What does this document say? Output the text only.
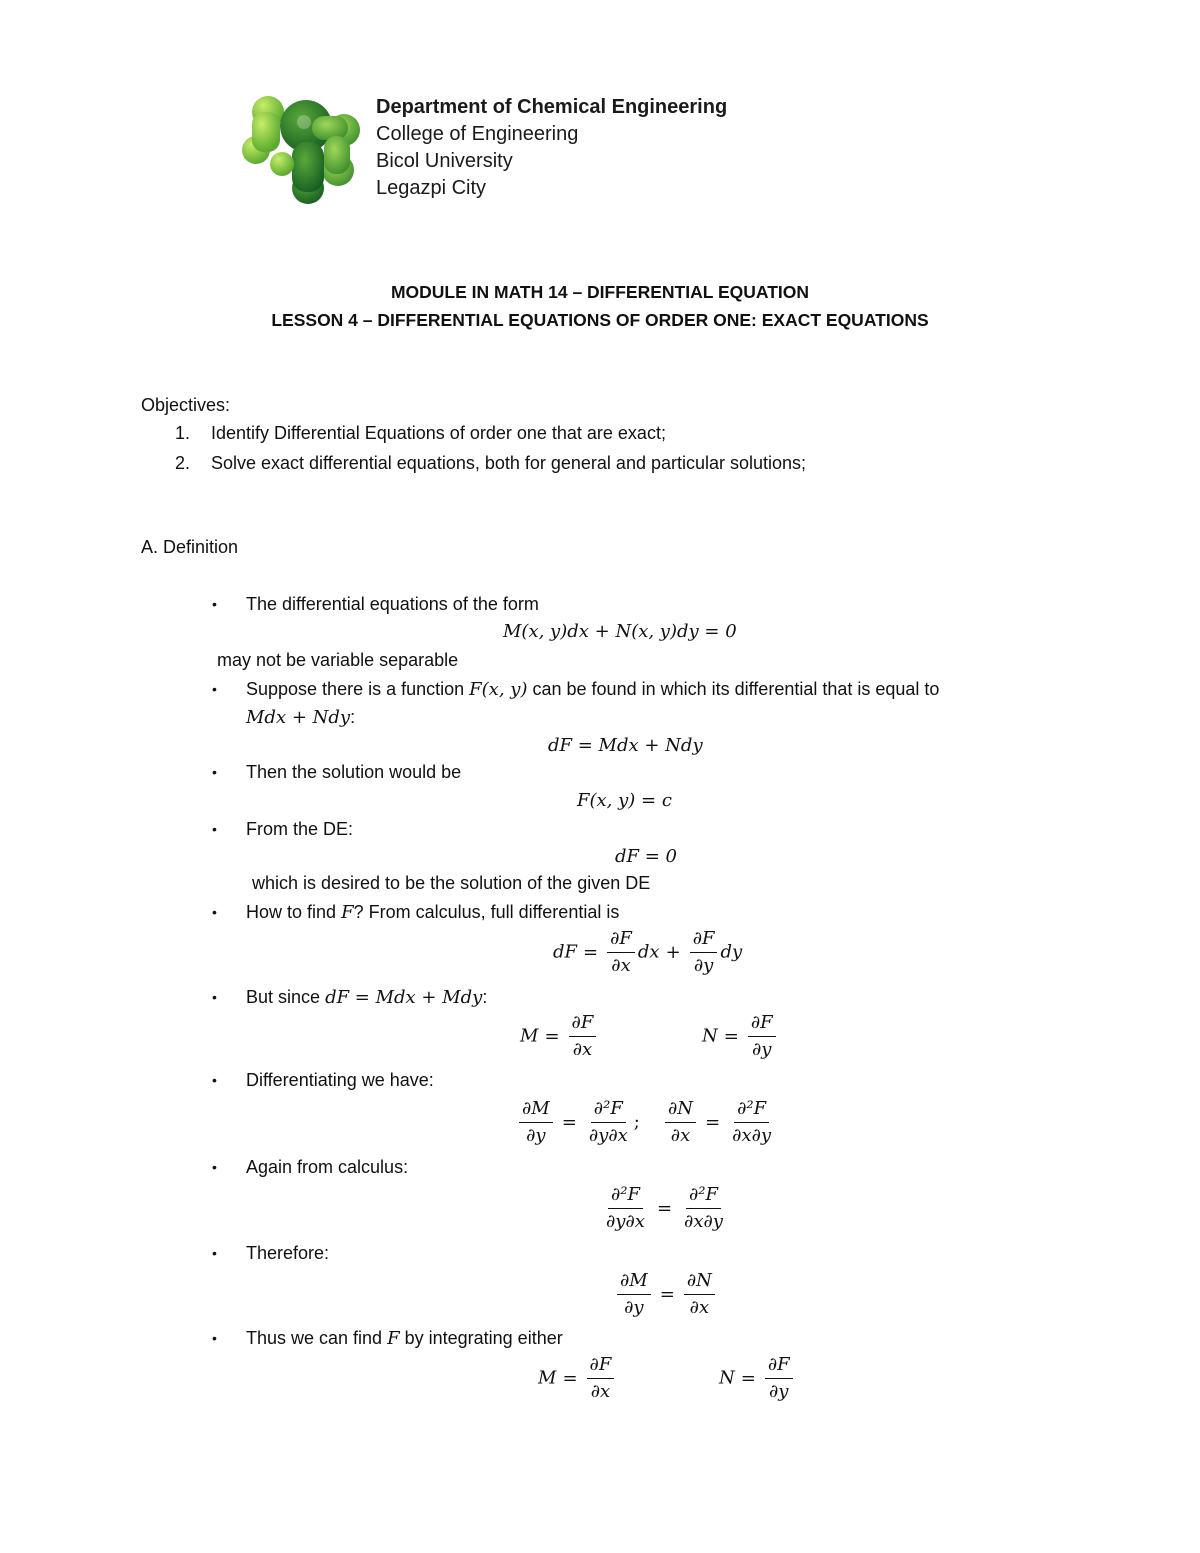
Department of Chemical Engineering
College of Engineering
Bicol University
Legazpi City
MODULE IN MATH 14 – DIFFERENTIAL EQUATION
LESSON 4 – DIFFERENTIAL EQUATIONS OF ORDER ONE: EXACT EQUATIONS
Objectives:
1. Identify Differential Equations of order one that are exact;
2. Solve exact differential equations, both for general and particular solutions;
A. Definition
• The differential equations of the form
M(x, y)dx + N(x, y)dy = 0
may not be variable separable
• Suppose there is a function F(x, y) can be found in which its differential that is equal to
Mdx + Ndy:
dF = Mdx + Ndy
• Then the solution would be
F(x, y) = c
• From the DE:
dF = 0
which is desired to be the solution of the given DE
• How to find F? From calculus, full differential is
dF = $\frac{\partial F}{\partial x}$ dx + $\frac{\partial F}{\partial y}$ dy
• But since dF = Mdx + Mdy:
$M = \frac{\partial F}{\partial x}$	$N = \frac{\partial F}{\partial y}$
• Differentiating we have:
$\frac{\partial M}{\partial y} = \frac{\text{∂²F}}{\partial y\partial x}$ ; $\frac{\partial N}{\partial x} = \frac{\text{∂²F}}{\partial x\partial y}$
• Again from calculus:
$\frac{\text{∂²F}}{\partial y\partial x} = \frac{\text{∂²F}}{\partial x\partial y}$
• Therefore:
$\frac{\partial M}{\partial y} = \frac{\partial N}{\partial x}$
• Thus we can find F by integrating either
$M = \frac{\partial F}{\partial x}$	$N = \frac{\partial F}{\partial y}$
